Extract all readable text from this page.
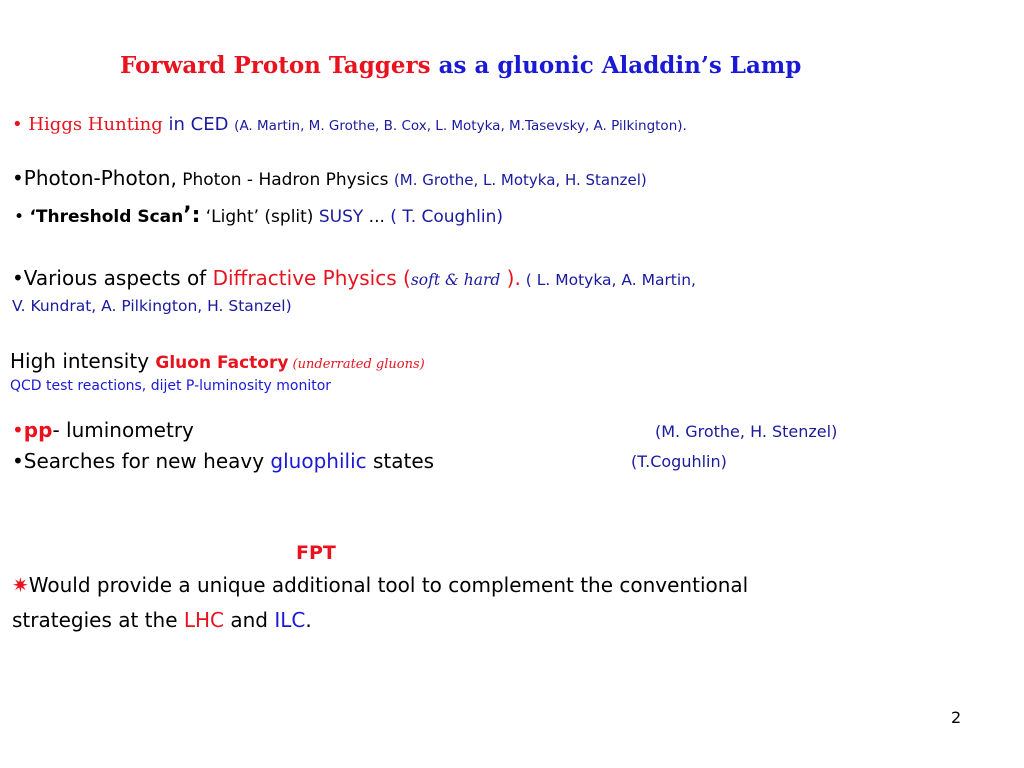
Forward Proton Taggers as a gluonic Aladdin’s Lamp
• Higgs Hunting in CED (A. Martin, M. Grothe, B. Cox, L. Motyka, M.Tasevsky, A. Pilkington).
•Photon-Photon, Photon - Hadron Physics (M. Grothe, L. Motyka, H. Stanzel)
• ‘Threshold Scan’: ‘Light’ (split) SUSY ... ( T. Coughlin)
•Various aspects of Diffractive Physics (soft & hard ). ( L. Motyka, A. Martin,
V. Kundrat, A. Pilkington, H. Stanzel)
High intensity Gluon Factory (underrated gluons)
QCD test reactions, dijet P-luminosity monitor
•pp- luminometry	(M. Grothe, H. Stenzel)
•Searches for new heavy gluophilic states	(T.Coguhlin)
FPT
✷Would provide a unique additional tool to complement the conventional
strategies at the LHC and ILC.
2
